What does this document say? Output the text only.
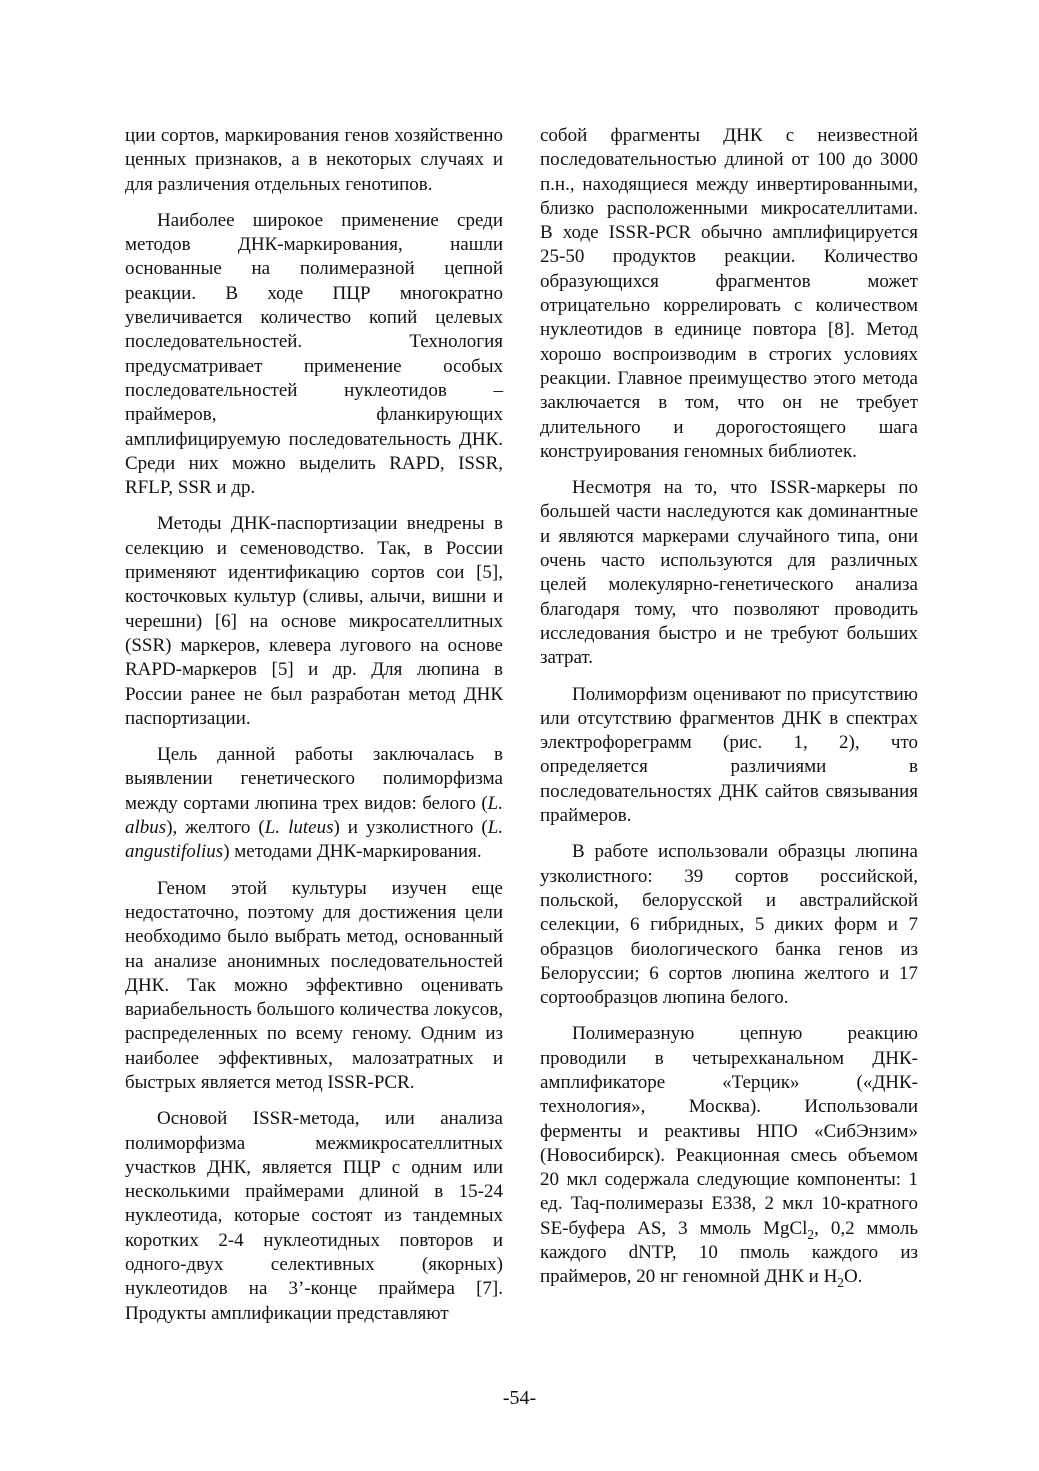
ции сортов, маркирования генов хозяйственно ценных признаков, а в некоторых случаях и для различения отдельных генотипов.

Наиболее широкое применение среди методов ДНК-маркирования, нашли основанные на полимеразной цепной реакции. В ходе ПЦР многократно увеличивается количество копий целевых последовательностей. Технология предусматривает применение особых последовательностей нуклеотидов – праймеров, фланкирующих амплифицируемую последовательность ДНК. Среди них можно выделить RAPD, ISSR, RFLP, SSR и др.

Методы ДНК-паспортизации внедрены в селекцию и семеноводство. Так, в России применяют идентификацию сортов сои [5], косточковых культур (сливы, алычи, вишни и черешни) [6] на основе микросателлитных (SSR) маркеров, клевера лугового на основе RAPD-маркеров [5] и др. Для люпина в России ранее не был разработан метод ДНК паспортизации.

Цель данной работы заключалась в выявлении генетического полиморфизма между сортами люпина трех видов: белого (L. albus), желтого (L. luteus) и узколистного (L. angustifolius) методами ДНК-маркирования.

Геном этой культуры изучен еще недостаточно, поэтому для достижения цели необходимо было выбрать метод, основанный на анализе анонимных последовательностей ДНК. Так можно эффективно оценивать вариабельность большого количества локусов, распределенных по всему геному. Одним из наиболее эффективных, малозатратных и быстрых является метод ISSR-PCR.

Основой ISSR-метода, или анализа полиморфизма межмикросателлитных участков ДНК, является ПЦР с одним или несколькими праймерами длиной в 15-24 нуклеотида, которые состоят из тандемных коротких 2-4 нуклеотидных повторов и одного-двух селективных (якорных) нуклеотидов на 3’-конце праймера [7]. Продукты амплификации представляют

собой фрагменты ДНК с неизвестной последовательностью длиной от 100 до 3000 п.н., находящиеся между инвертированными, близко расположенными микросателлитами. В ходе ISSR-PCR обычно амплифицируется 25-50 продуктов реакции. Количество образующихся фрагментов может отрицательно коррелировать с количеством нуклеотидов в единице повтора [8]. Метод хорошо воспроизводим в строгих условиях реакции. Главное преимущество этого метода заключается в том, что он не требует длительного и дорогостоящего шага конструирования геномных библиотек.

Несмотря на то, что ISSR-маркеры по большей части наследуются как доминантные и являются маркерами случайного типа, они очень часто используются для различных целей молекулярно-генетического анализа благодаря тому, что позволяют проводить исследования быстро и не требуют больших затрат.

Полиморфизм оценивают по присутствию или отсутствию фрагментов ДНК в спектрах электрофореграмм (рис. 1, 2), что определяется различиями в последовательностях ДНК сайтов связывания праймеров.

В работе использовали образцы люпина узколистного: 39 сортов российской, польской, белорусской и австралийской селекции, 6 гибридных, 5 диких форм и 7 образцов биологического банка генов из Белоруссии; 6 сортов люпина желтого и 17 сортообразцов люпина белого.

Полимеразную цепную реакцию проводили в четырехканальном ДНК-амплификаторе «Терцик» («ДНК-технология», Москва). Использовали ферменты и реактивы НПО «СибЭнзим» (Новосибирск). Реакционная смесь объемом 20 мкл содержала следующие компоненты: 1 ед. Taq-полимеразы Е338, 2 мкл 10-кратного SE-буфера AS, 3 ммоль MgCl$_2$, 0,2 ммоль каждого dNTP, 10 пмоль каждого из праймеров, 20 нг геномной ДНК и $H_2O$.

-54-
